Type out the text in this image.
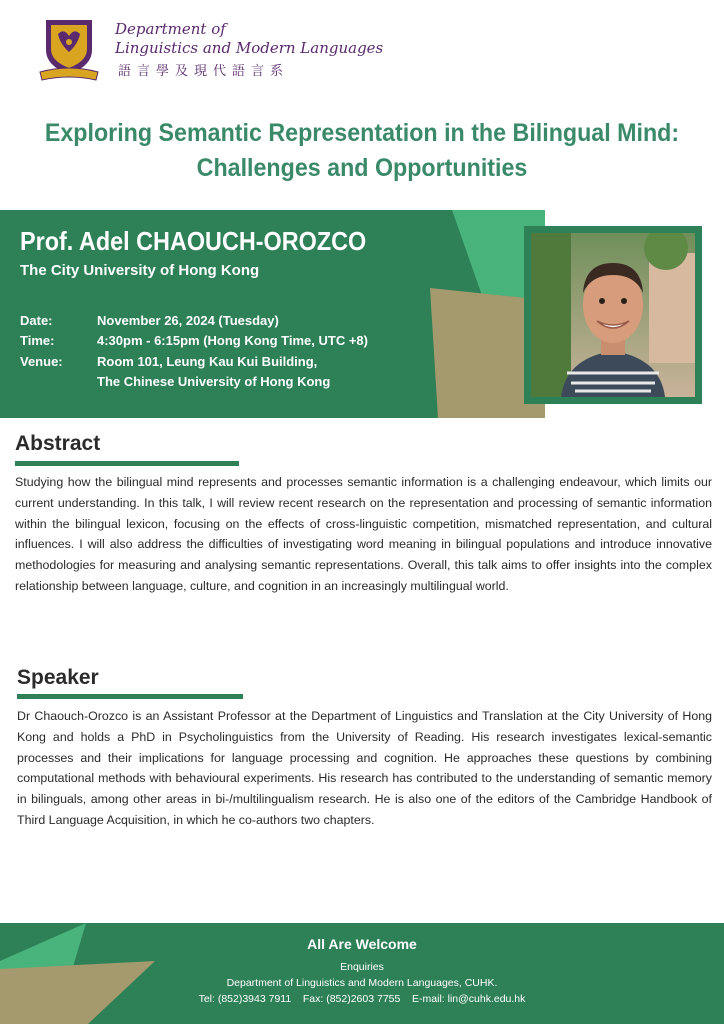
Department of
Linguistics and Modern Languages
語言學及現代語言系
Exploring Semantic Representation in the Bilingual Mind:
Challenges and Opportunities
Prof. Adel CHAOUCH-OROZCO
The City University of Hong Kong
Date:	November 26, 2024 (Tuesday)
Time:	4:30pm - 6:15pm (Hong Kong Time, UTC +8)
Venue:	Room 101, Leung Kau Kui Building,
The Chinese University of Hong Kong
Abstract
Studying how the bilingual mind represents and processes semantic information is a challenging endeavour, which limits our current understanding. In this talk, I will review recent research on the representation and processing of semantic information within the bilingual lexicon, focusing on the effects of cross-linguistic competition, mismatched representation, and cultural influences. I will also address the difficulties of investigating word meaning in bilingual populations and introduce innovative methodologies for measuring and analysing semantic representations. Overall, this talk aims to offer insights into the complex relationship between language, culture, and cognition in an increasingly multilingual world.
Speaker
Dr Chaouch-Orozco is an Assistant Professor at the Department of Linguistics and Translation at the City University of Hong Kong and holds a PhD in Psycholinguistics from the University of Reading. His research investigates lexical-semantic processes and their implications for language processing and cognition. He approaches these questions by combining computational methods with behavioural experiments. His research has contributed to the understanding of semantic memory in bilinguals, among other areas in bi-/multilingualism research. He is also one of the editors of the Cambridge Handbook of Third Language Acquisition, in which he co-authors two chapters.
All Are Welcome
Enquiries
Department of Linguistics and Modern Languages, CUHK.
Tel: (852)3943 7911    Fax: (852)2603 7755    E-mail: lin@cuhk.edu.hk
